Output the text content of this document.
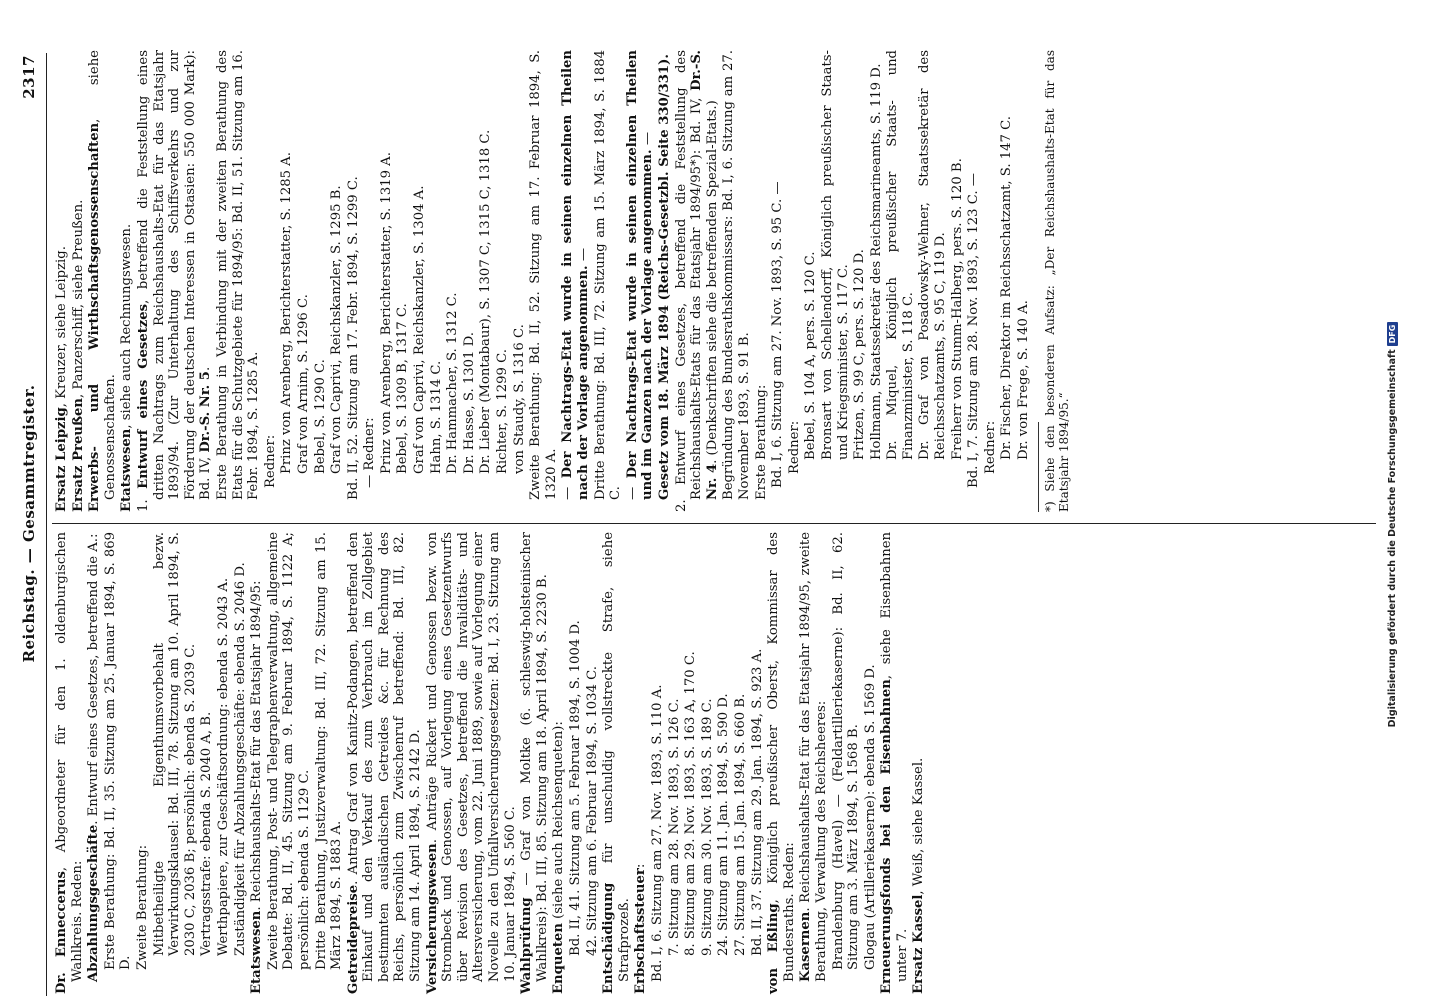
Reichstag. — Gesammtregister.
2317

Dr. Enneccerus, Abgeordneter für den 1. oldenburgischen Wahlkreis. Reden: Abzahlungsgeschäfte. Entwurf eines Gesetzes, betreffend die A.: Erste Berathung: Bd. II, 35. Sitzung am 25. Januar 1894, S. 869 D. Zweite Berathung: Mitbetheiligte Eigenthumsvorbehalt bezw. Verwirkungsklausel: Bd. III, 78. Sitzung am 10. April 1894, S. 2030 C, 2036 B; persönlich: ebenda S. 2039 C. Vertragsstrafe: ebenda S. 2040 A, B. Werthpapiere, zur Geschäftsordnung: ebenda S. 2043 A. Zuständigkeit für Abzahlungsgeschäfte: ebenda S. 2046 D. Etatswesen. Reichshaushalts-Etat für das Etatsjahr 1894/95: Zweite Berathung, Post- und Telegraphenverwaltung, allgemeine Debatte: Bd. II, 45. Sitzung am 9. Februar 1894, S. 1122 A; persönlich: ebenda S. 1129 C. Dritte Berathung, Justizverwaltung: Bd. III, 72. Sitzung am 15. März 1894, S. 1883 A. Getreidepreise. Antrag Graf von Kanitz-Podangen, betreffend den Einkauf und den Verkauf des zum Verbrauch im Zollgebiet bestimmten ausländischen Getreides &c. für Rechnung des Reichs, persönlich zum Zwischenruf betreffend: Bd. III, 82. Sitzung am 14. April 1894, S. 2142 D. Versicherungswesen. Anträge Rickert und Genossen bezw. von Strombeck und Genossen, auf Vorlegung eines Gesetzentwurfs über Revision des Gesetzes, betreffend die Invaliditäts- und Altersversicherung, vom 22. Juni 1889, sowie auf Vorlegung einer Novelle zu den Unfallversicherungsgesetzen: Bd. I, 23. Sitzung am 10. Januar 1894, S. 560 C. Wahlprüfung — Graf von Moltke (6. schleswig-holsteinischer Wahlkreis): Bd. III, 85. Sitzung am 18. April 1894, S. 2230 B. Enqueten (siehe auch Reichsenqueten): Bd. II, 41. Sitzung am 5. Februar 1894, S. 1004 D. 42. Sitzung am 6. Februar 1894, S. 1034 C. Entschädigung für unschuldig vollstreckte Strafe, siehe Strafprozeß. Erbschaftssteuer: Bd. I, 6. Sitzung am 27. Nov. 1893, S. 110 A. 7. Sitzung am 28. Nov. 1893, S. 126 C. 8. Sitzung am 29. Nov. 1893, S. 163 A, 170 C. 9. Sitzung am 30. Nov. 1893, S. 189 C. 24. Sitzung am 11. Jan. 1894, S. 590 D. 27. Sitzung am 15. Jan. 1894, S. 660 B. Bd. II, 37. Sitzung am 29. Jan. 1894, S. 923 A. von Eßling, Königlich preußischer Oberst, Kommissar des Bundesraths. Reden: Kasernen. Reichshaushalts-Etat für das Etatsjahr 1894/95, zweite Berathung, Verwaltung des Reichsheeres: Brandenburg (Havel) — (Feldartilleriekaserne): Bd. II, 62. Sitzung am 3. März 1894, S. 1568 B. Glogau (Artilleriekaserne): ebenda S. 1569 D. Erneuerungsfonds bei den Eisenbahnen, siehe Eisenbahnen unter 7. Ersatz Kassel, Weiß, siehe Kassel.

Ersatz Leipzig, Kreuzer, siehe Leipzig.

Ersatz Preußen, Panzerschiff, siehe Preußen. Erwerbs- und Wirthschaftsgenossenschaften, siehe Genossenschaften. Etatswesen, siehe auch Rechnungswesen.

1. Entwurf eines Gesetzes, betreffend die Feststellung eines dritten Nachtrags zum Reichshaushalts-Etat für das Etatsjahr 1893/94. (Zur Unterhaltung des Schiffsverkehrs und zur Förderung der deutschen Interessen in Ostasien: 550 000 Mark): Bd. IV, Dr.-S. Nr. 5. Erste Berathung in Verbindung mit der zweiten Berathung des Etats für die Schutzgebiete für 1894/95: Bd. II, 51. Sitzung am 16. Febr. 1894, S. 1285 A. Redner: Prinz von Arenberg, Berichterstatter, S. 1285 A. Graf von Arnim, S. 1296 C. Bebel, S. 1290 C. Graf von Caprivi, Reichskanzler, S. 1295 B. Bd. II, 52. Sitzung am 17. Febr. 1894, S. 1299 C. — Redner: Prinz von Arenberg, Berichterstatter, S. 1319 A. Bebel, S. 1309 B, 1317 C. Graf von Caprivi, Reichskanzler, S. 1304 A. Hahn, S. 1314 C. Dr. Hammacher, S. 1312 C. Dr. Hasse, S. 1301 D. Dr. Lieber (Montabaur), S. 1307 C, 1315 C, 1318 C. Richter, S. 1299 C. von Staudy, S. 1316 C. Zweite Berathung: Bd. II, 52. Sitzung am 17. Februar 1894, S. 1320 A. — Der Nachtrags-Etat wurde in seinen einzelnen Theilen nach der Vorlage angenommen. — Dritte Berathung: Bd. III, 72. Sitzung am 15. März 1894, S. 1884 C. — Der Nachtrags-Etat wurde in seinen einzelnen Theilen und im Ganzen nach der Vorlage angenommen. — Gesetz vom 18. März 1894 (Reichs-Gesetzbl. Seite 330/331). 2. Entwurf eines Gesetzes, betreffend die Feststellung des Reichshaushalts-Etats für das Etatsjahr 1894/95*): Bd. IV, Dr.-S. Nr. 4. (Denkschriften siehe die betreffenden Spezial-Etats.) Begründung des Bundesrathskommissars: Bd. I, 6. Sitzung am 27. November 1893, S. 91 B. Erste Berathung: Bd. I, 6. Sitzung am 27. Nov. 1893, S. 95 C. — Redner: Bebel, S. 104 A, pers. S. 120 C. Bronsart von Schellendorff, Königlich preußischer Staats- und Kriegsminister, S. 117 C. Fritzen, S. 99 C, pers. S. 120 D. Hollmann, Staatssekretär des Reichsmarineamts, S. 119 D. Dr. Miquel, Königlich preußischer Staats- und Finanzminister, S. 118 C. Dr. Graf von Posadowsky-Wehner, Staatssekretär des Reichsschatzamts, S. 95 C, 119 D. Freiherr von Stumm-Halberg, pers. S. 120 B. Bd. I, 7. Sitzung am 28. Nov. 1893, S. 123 C. — Redner: Dr. Fischer, Direktor im Reichsschatzamt, S. 147 C. Dr. von Frege, S. 140 A. *) Siehe den besonderen Aufsatz: „Der Reichshaushalts-Etat für das Etatsjahr 1894/95.“	Digitalisierung gefördert durch die Deutsche ForschungsgemeinschaftDFG
